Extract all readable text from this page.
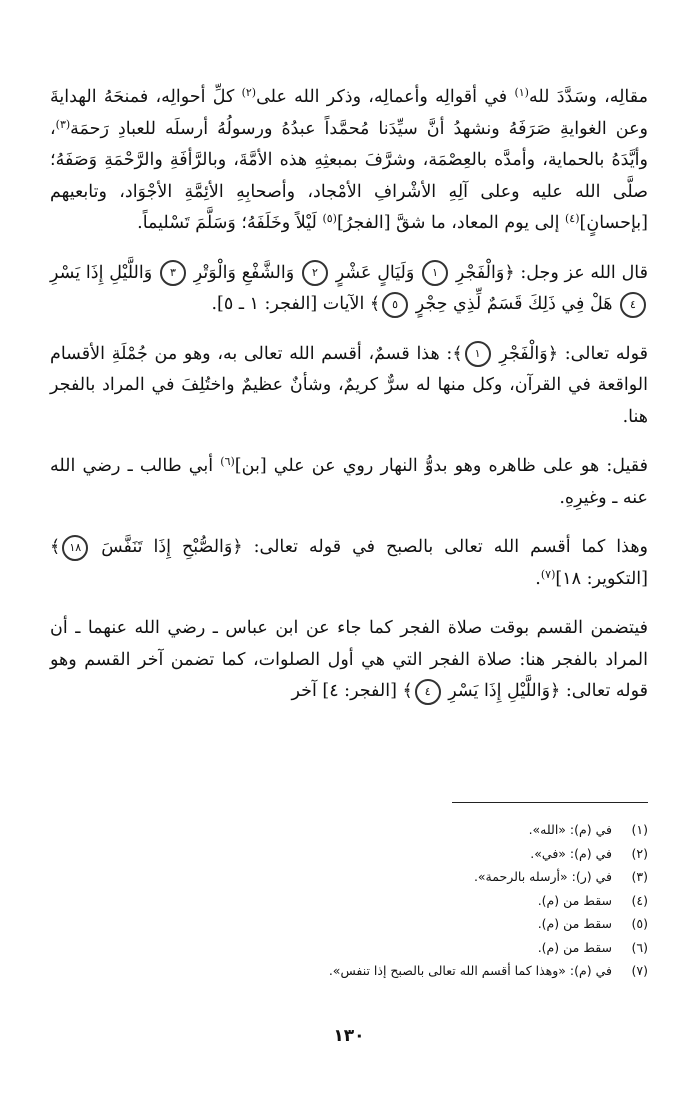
مقالِه، وسَدَّدَ لله$^{(١)}$ في أقوالِه وأعمالِه، وذكر الله على$^{(٢)}$ كلِّ أحوالِه، فمنحَهُ الهدايةَ وعن الغوايةِ صَرَفَهُ ونشهدُ أنَّ سيِّدَنا مُحمَّداً عبدُهُ ورسولُهُ أرسلَه للعبادِ رَحمَة$^{(٣)}$، وأيَّدَهُ بالحماية، وأمدَّه بالعِصْمَة، وشرَّفَ بمبعثِهِ هذه الأمَّةَ، وبالرَّأفَةِ والرَّحْمَةِ وَصَفَهُ؛ صلَّى الله عليه وعلى آلِهِ الأشْرافِ الأمْجاد، وأصحابِهِ الأئِمَّةِ الأجْوَاد، وتابعيهم [بإحسانٍ]$^{(٤)}$ إلى يوم المعاد، ما شقَّ [الفجرُ]$^{(٥)}$ لَيْلاً وخَلَفَهُ؛ وَسَلَّمَ تَسْليماً.

قال الله عز وجل: ﴿وَالْفَجْرِ ١ وَلَيَالٍ عَشْرٍ ٢ وَالشَّفْعِ وَالْوَتْرِ ٣ وَاللَّيْلِ إِذَا يَسْرِ ٤ هَلْ فِي ذَلِكَ قَسَمٌ لِّذِي حِجْرٍ ٥﴾ الآيات [الفجر: ١ ـ ٥].

قوله تعالى: ﴿وَالْفَجْرِ ١﴾: هذا قسمٌ، أقسم الله تعالى به، وهو من جُمْلَةِ الأقسام الواقعة في القرآن، وكل منها له سرٌّ كريمٌ، وشأنٌ عظيمٌ واختُلِفَ في المراد بالفجر هنا.

فقيل: هو على ظاهره وهو بدوُّ النهار روي عن علي [بن]$^{(٦)}$ أبي طالب ـ رضي الله عنه ـ وغيرِهِ.

وهذا كما أقسم الله تعالى بالصبح في قوله تعالى: ﴿وَالصُّبْحِ إِذَا تَنَفَّسَ ١٨﴾ [التكوير: ١٨]$^{(٧)}$.

فيتضمن القسم بوقت صلاة الفجر كما جاء عن ابن عباس ـ رضي الله عنهما ـ أن المراد بالفجر هنا: صلاة الفجر التي هي أول الصلوات، كما تضمن آخر القسم وهو قوله تعالى: ﴿وَاللَّيْلِ إِذَا يَسْرِ ٤﴾ [الفجر: ٤] آخر

(١)
في (م): «الله».
(٢)
في (م): «في».
(٣)
في (ر): «أرسله بالرحمة».
(٤)
سقط من (م).
(٥)
سقط من (م).
(٦)
سقط من (م).
(٧)
في (م): «وهذا كما أقسم الله تعالى بالصبح إذا تنفس».
١٣٠
